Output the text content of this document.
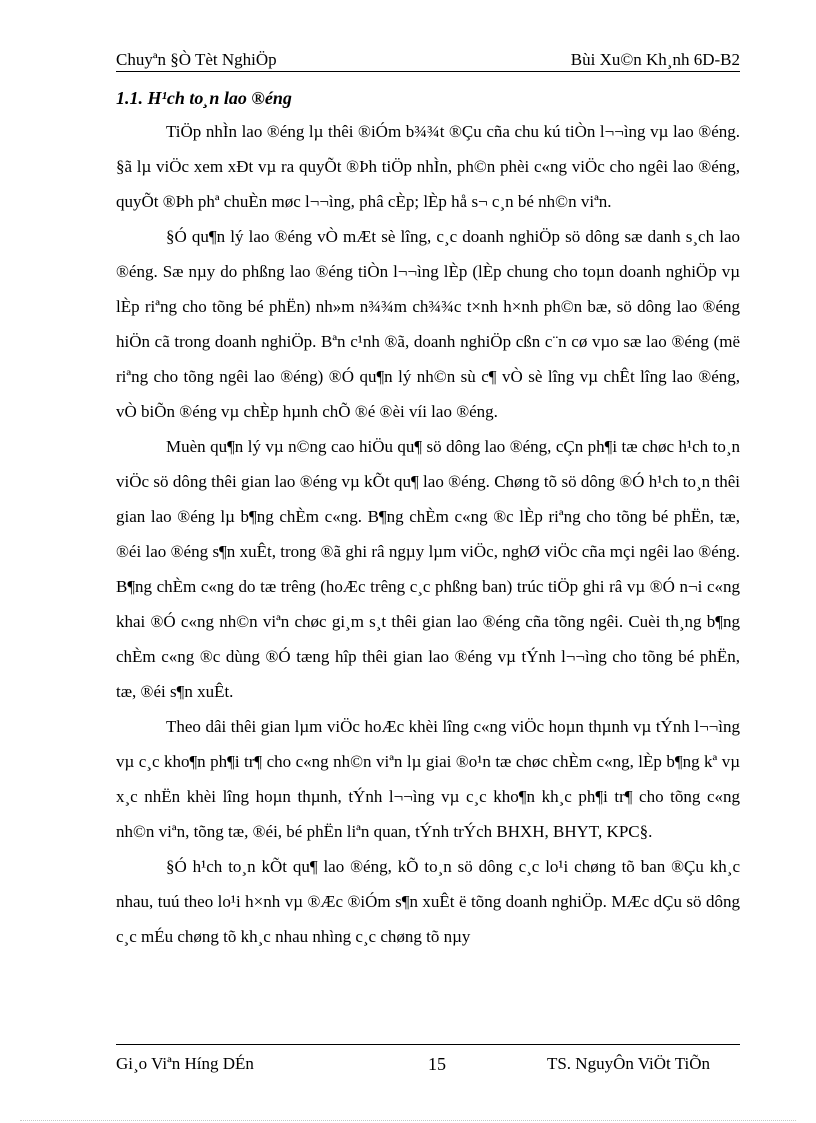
Chuyªn §Ò Tèt NghiÖp	Bùi Xu©n Kh¸nh 6D-B2
1.1. H¹ch to¸n lao ®éng

TiÖp nhÌn lao ®éng lµ thêi ®iÓm b¾¾t ®Çu cña chu kú tiÒn l¬¬ìng vµ lao ®éng. §ã lµ viÖc xem xÐt vµ ra quyÕt ®Þh tiÖp nhÌn, ph©n phèi c«ng viÖc cho ngêi lao ®éng, quyÕt ®Þh phª chuÈn møc l¬¬ìng, phâ cÈp; lÈp hå s¬ c¸n bé nh©n viªn.

§Ó qu¶n lý lao ®éng vÒ mÆt sè lîng, c¸c doanh nghiÖp sö dông sæ danh s¸ch lao ®éng. Sæ nµy do phßng lao ®éng tiÒn l¬¬ìng lÈp (lÈp chung cho toµn doanh nghiÖp vµ lÈp riªng cho tõng bé phËn) nh»m n¾¾m ch¾¾c t×nh h×nh ph©n bæ, sö dông lao ®éng hiÖn cã trong doanh nghiÖp. Bªn c¹nh ®ã, doanh nghiÖp cßn c¨n cø vµo sæ lao ®éng (më riªng cho tõng ngêi lao ®éng) ®Ó qu¶n lý nh©n sù c¶ vÒ sè lîng vµ chÊt lîng lao ®éng, vÒ biÕn ®éng vµ chÈp hµnh chÕ ®é ®èi víi lao ®éng.

Muèn qu¶n lý vµ n©ng cao hiÖu qu¶ sö dông lao ®éng, cÇn ph¶i tæ chøc h¹ch to¸n viÖc sö dông thêi gian lao ®éng vµ kÕt qu¶ lao ®éng. Chøng tõ sö dông ®Ó h¹ch to¸n thêi gian lao ®éng lµ b¶ng chÈm c«ng. B¶ng chÈm c«ng ®c lÈp riªng cho tõng bé phËn, tæ, ®éi lao ®éng s¶n xuÊt, trong ®ã ghi râ ngµy lµm viÖc, nghØ viÖc cña mçi ngêi lao ®éng. B¶ng chÈm c«ng do tæ trêng (hoÆc trêng c¸c phßng ban) trúc tiÖp ghi râ vµ ®Ó n¬i c«ng khai ®Ó c«ng nh©n viªn chøc gi¸m s¸t thêi gian lao ®éng cña tõng ngêi. Cuèi th¸ng b¶ng chÈm c«ng ®c dùng ®Ó tæng hîp thêi gian lao ®éng vµ tÝnh l¬¬ìng cho tõng bé phËn, tæ, ®éi s¶n xuÊt.

Theo dâi thêi gian lµm viÖc hoÆc khèi lîng c«ng viÖc hoµn thµnh vµ tÝnh l¬¬ìng vµ c¸c kho¶n ph¶i tr¶ cho c«ng nh©n viªn lµ giai ®o¹n tæ chøc chÈm c«ng, lÈp b¶ng kª vµ x¸c nhËn khèi lîng hoµn thµnh, tÝnh l¬¬ìng vµ c¸c kho¶n kh¸c ph¶i tr¶ cho tõng c«ng nh©n viªn, tõng tæ, ®éi, bé phËn liªn quan, tÝnh trÝch BHXH, BHYT, KPC§.

§Ó h¹ch to¸n kÕt qu¶ lao ®éng, kÕ to¸n sö dông c¸c lo¹i chøng tõ ban ®Çu kh¸c nhau, tuú theo lo¹i h×nh vµ ®Æc ®iÓm s¶n xuÊt ë tõng doanh nghiÖp. MÆc dÇu sö dông c¸c mÉu chøng tõ kh¸c nhau nhìng c¸c chøng tõ nµy

Gi¸o Viªn Híng DÉn	15	TS. NguyÔn ViÖt TiÕn
